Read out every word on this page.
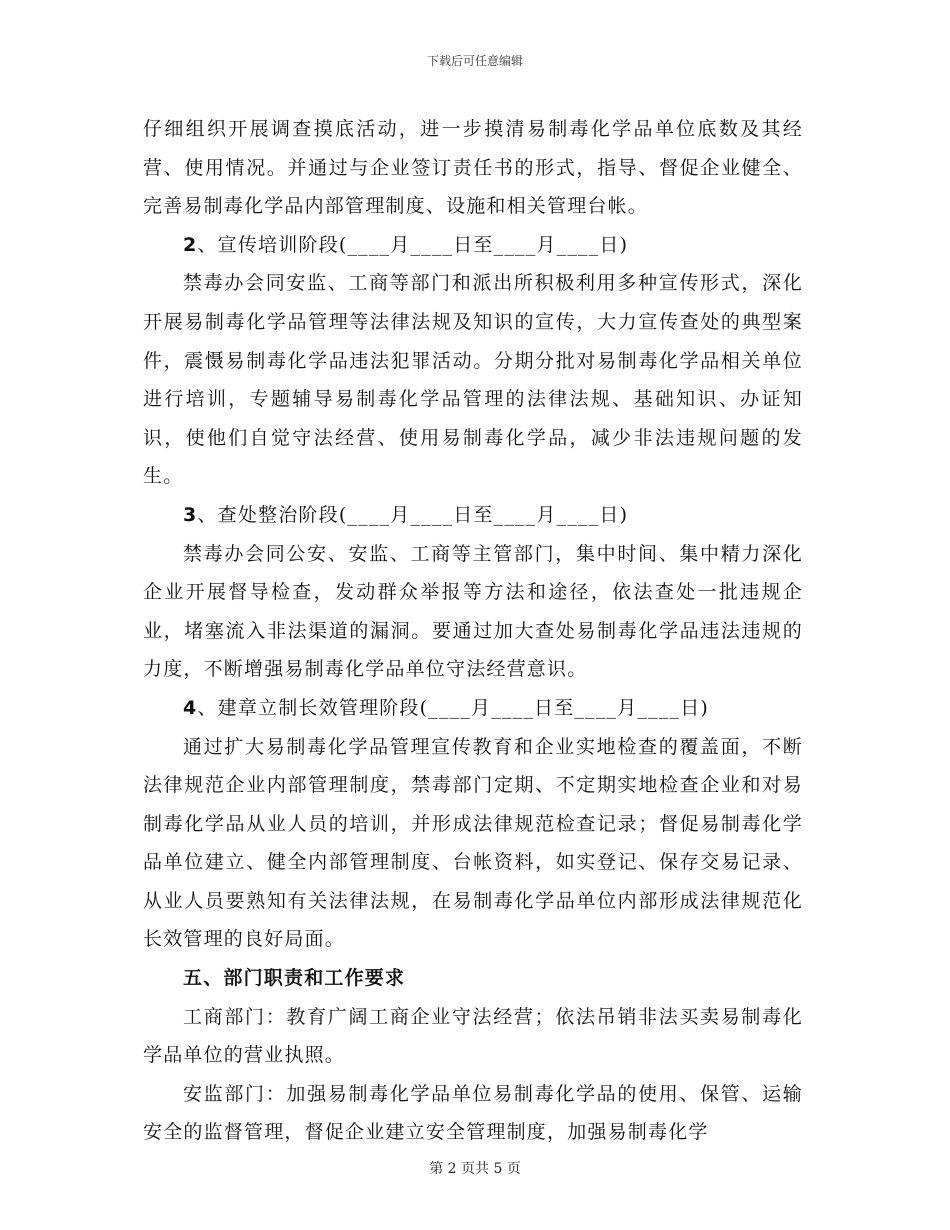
下载后可任意编辑

仔细组织开展调查摸底活动，进一步摸清易制毒化学品单位底数及其经营、使用情况。并通过与企业签订责任书的形式，指导、督促企业健全、完善易制毒化学品内部管理制度、设施和相关管理台帐。

2、宣传培训阶段(____月____日至____月____日)

禁毒办会同安监、工商等部门和派出所积极利用多种宣传形式，深化开展易制毒化学品管理等法律法规及知识的宣传，大力宣传查处的典型案件，震慑易制毒化学品违法犯罪活动。分期分批对易制毒化学品相关单位进行培训，专题辅导易制毒化学品管理的法律法规、基础知识、办证知识，使他们自觉守法经营、使用易制毒化学品，减少非法违规问题的发生。

3、查处整治阶段(____月____日至____月____日)

禁毒办会同公安、安监、工商等主管部门，集中时间、集中精力深化企业开展督导检查，发动群众举报等方法和途径，依法查处一批违规企业，堵塞流入非法渠道的漏洞。要通过加大查处易制毒化学品违法违规的力度，不断增强易制毒化学品单位守法经营意识。

4、建章立制长效管理阶段(____月____日至____月____日)

通过扩大易制毒化学品管理宣传教育和企业实地检查的覆盖面，不断法律规范企业内部管理制度，禁毒部门定期、不定期实地检查企业和对易制毒化学品从业人员的培训，并形成法律规范检查记录；督促易制毒化学品单位建立、健全内部管理制度、台帐资料，如实登记、保存交易记录、从业人员要熟知有关法律法规，在易制毒化学品单位内部形成法律规范化长效管理的良好局面。

五、部门职责和工作要求

工商部门：教育广阔工商企业守法经营；依法吊销非法买卖易制毒化学品单位的营业执照。

安监部门：加强易制毒化学品单位易制毒化学品的使用、保管、运输安全的监督管理，督促企业建立安全管理制度，加强易制毒化学

第 2 页共 5 页
